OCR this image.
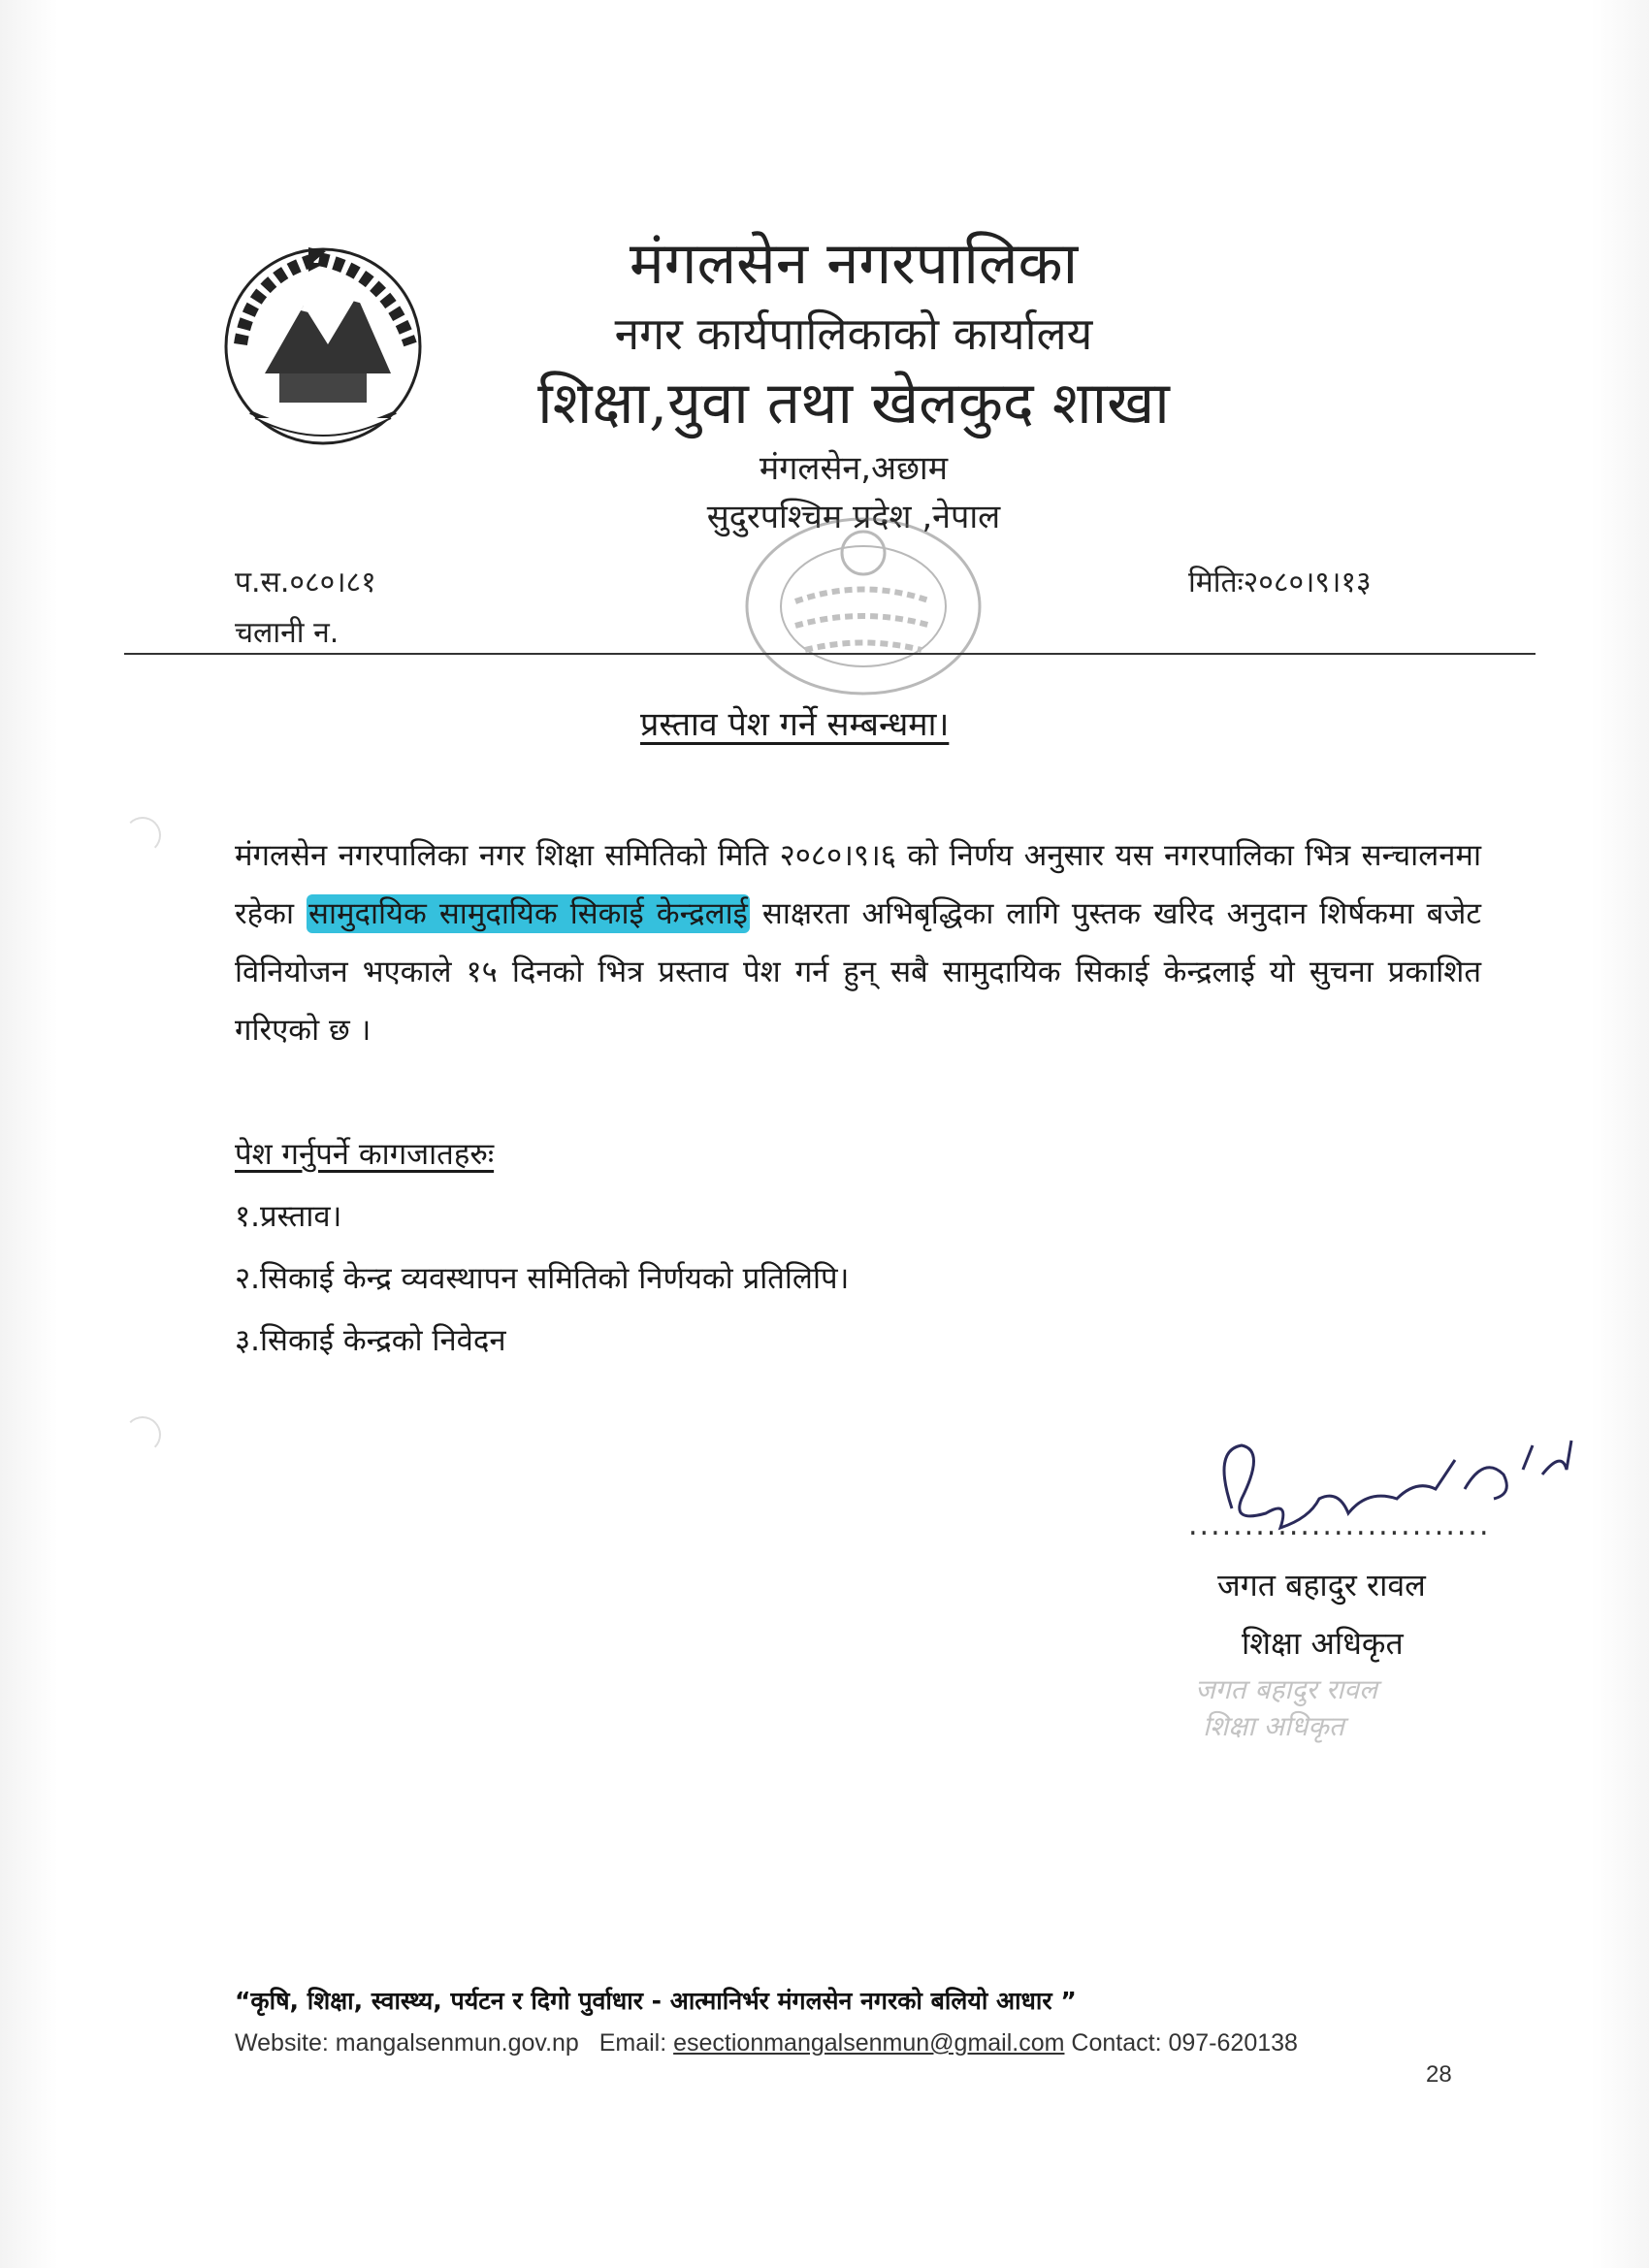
मंगलसेन नगरपालिका
नगर कार्यपालिकाको कार्यालय
शिक्षा,युवा तथा खेलकुद शाखा
मंगलसेन,अछाम
सुदुरपश्चिम प्रदेश ,नेपाल
प.स.०८०।८१
चलानी न.
मितिः२०८०।९।१३
प्रस्ताव पेश गर्ने सम्बन्धमा।
मंगलसेन नगरपालिका नगर शिक्षा समितिको मिति २०८०।९।६ को निर्णय अनुसार यस नगरपालिका भित्र सन्चालनमा रहेका सामुदायिक सामुदायिक सिकाई केन्द्रलाई साक्षरता अभिबृद्धिका लागि पुस्तक खरिद अनुदान शिर्षकमा बजेट विनियोजन भएकाले १५ दिनको भित्र प्रस्ताव पेश गर्न हुन् सबै सामुदायिक सिकाई केन्द्रलाई यो सुचना प्रकाशित गरिएको छ ।
पेश गर्नुपर्ने कागजातहरुः
१.प्रस्ताव।
२.सिकाई केन्द्र व्यवस्थापन समितिको निर्णयको प्रतिलिपि।
३.सिकाई केन्द्रको निवेदन
...........................
जगत बहादुर रावल
शिक्षा अधिकृत
जगत बहादुर रावल
शिक्षा अधिकृत
“कृषि, शिक्षा, स्वास्थ्य, पर्यटन र दिगो पुर्वाधार - आत्मानिर्भर मंगलसेन नगरको बलियो आधार ”
Website: mangalsenmun.gov.np Email: esectionmangalsenmun@gmail.com Contact: 097-620138
28
